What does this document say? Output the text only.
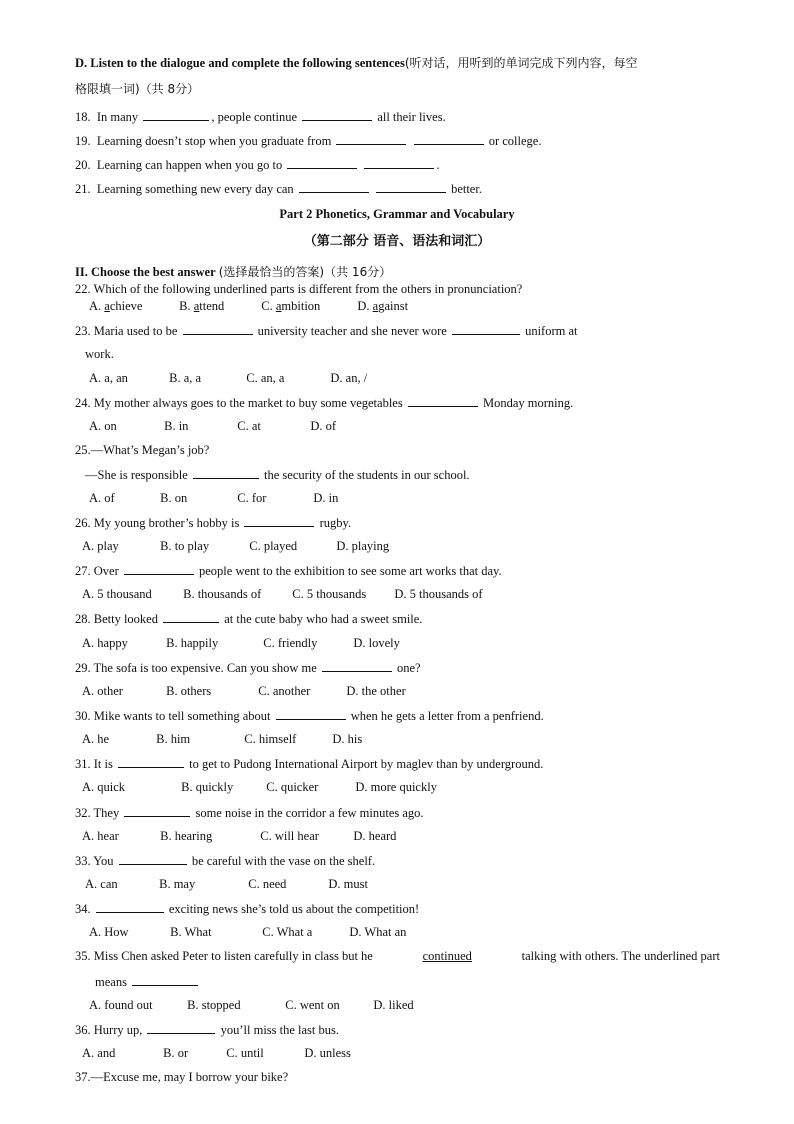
D. Listen to the dialogue and complete the following sentences(听对话，用听到的单词完成下列内容，每空
格限填一词)（共 8分）
18. In many	, people continue	all their lives.
19. Learning doesn’t stop when you graduate from	or college.
20. Learning can happen when you go to	.
21. Learning something new every day can	better.
Part 2 Phonetics, Grammar and Vocabulary
（第二部分 语音、语法和词汇）
II. Choose the best answer (选择最恰当的答案)（共 16分）
22. Which of the following underlined parts is different from the others in pronunciation?
A. achieve	B. attend	C. ambition	D. against
23. Maria used to be	university teacher and she never wore	uniform at
work.
A. a, an	B. a, a	C. an, a	D. an, /
24. My mother always goes to the market to buy some vegetables	Monday morning.
A. on	B. in	C. at	D. of
25.—What’s Megan’s job?
—She is responsible	the security of the students in our school.
A. of	B. on	C. for	D. in
26. My young brother’s hobby is	rugby.
A. play	B. to play	C. played	D. playing
27. Over	people went to the exhibition to see some art works that day.
A. 5 thousand	B. thousands of C. 5 thousands D. 5 thousands of
28. Betty looked	at the cute baby who had a sweet smile.
A. happy	B. happily	C. friendly	D. lovely
29. The sofa is too expensive. Can you show me	one?
A. other	B. others	C. another	D. the other
30. Mike wants to tell something about	when he gets a letter from a penfriend.
A. he	B. him	C. himself	D. his
31. It is	to get to Pudong International Airport by maglev than by underground.
A. quick	B. quickly	C. quicker	D. more quickly
32. They	some noise in the corridor a few minutes ago.
A. hear	B. hearing	C. will hear	D. heard
33. You	be careful with the vase on the shelf.
A. can	B. may	C. need	D. must
34.	exciting news she’s told us about the competition!
A. How	B. What	C. What a	D. What an
35. Miss Chen asked Peter to listen carefully in class but he	continued	talking with others. The underlined part
means
A. found out	B. stopped	C. went on	D. liked
36. Hurry up,	you’ll miss the last bus.
A. and	B. or	C. until	D. unless
37.—Excuse me, may I borrow your bike?
